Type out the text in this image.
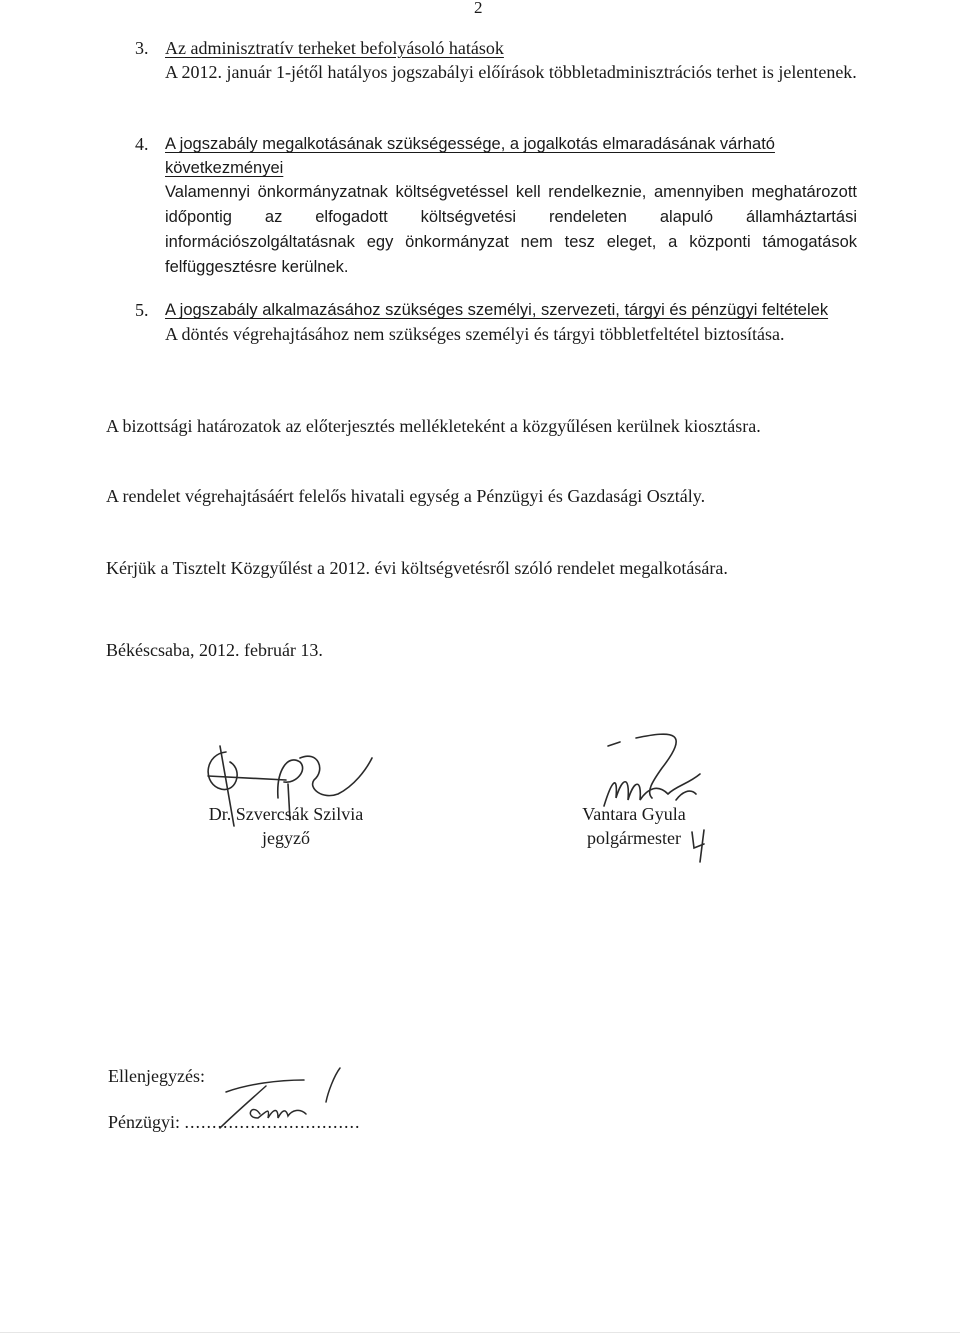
2
3. Az adminisztratív terheket befolyásoló hatások
A 2012. január 1-jétől hatályos jogszabályi előírások többletadminisztrációs terhet is jelentenek.
4. A jogszabály megalkotásának szükségessége, a jogalkotás elmaradásának várható következményei
Valamennyi önkormányzatnak költségvetéssel kell rendelkeznie, amennyiben meghatározott időpontig az elfogadott költségvetési rendeleten alapuló államháztartási információszolgáltatásnak egy önkormányzat nem tesz eleget, a központi támogatások felfüggesztésre kerülnek.
5. A jogszabály alkalmazásához szükséges személyi, szervezeti, tárgyi és pénzügyi feltételek
A döntés végrehajtásához nem szükséges személyi és tárgyi többletfeltétel biztosítása.
A bizottsági határozatok az előterjesztés mellékleteként a közgyűlésen kerülnek kiosztásra.
A rendelet végrehajtásáért felelős hivatali egység a Pénzügyi és Gazdasági Osztály.
Kérjük a Tisztelt Közgyűlést a 2012. évi költségvetésről szóló rendelet megalkotására.
Békéscsaba, 2012. február 13.
Dr. Szvercsák Szilvia
jegyző
Vantara Gyula
polgármester
Ellenjegyzés:
Pénzügyi: ................................
